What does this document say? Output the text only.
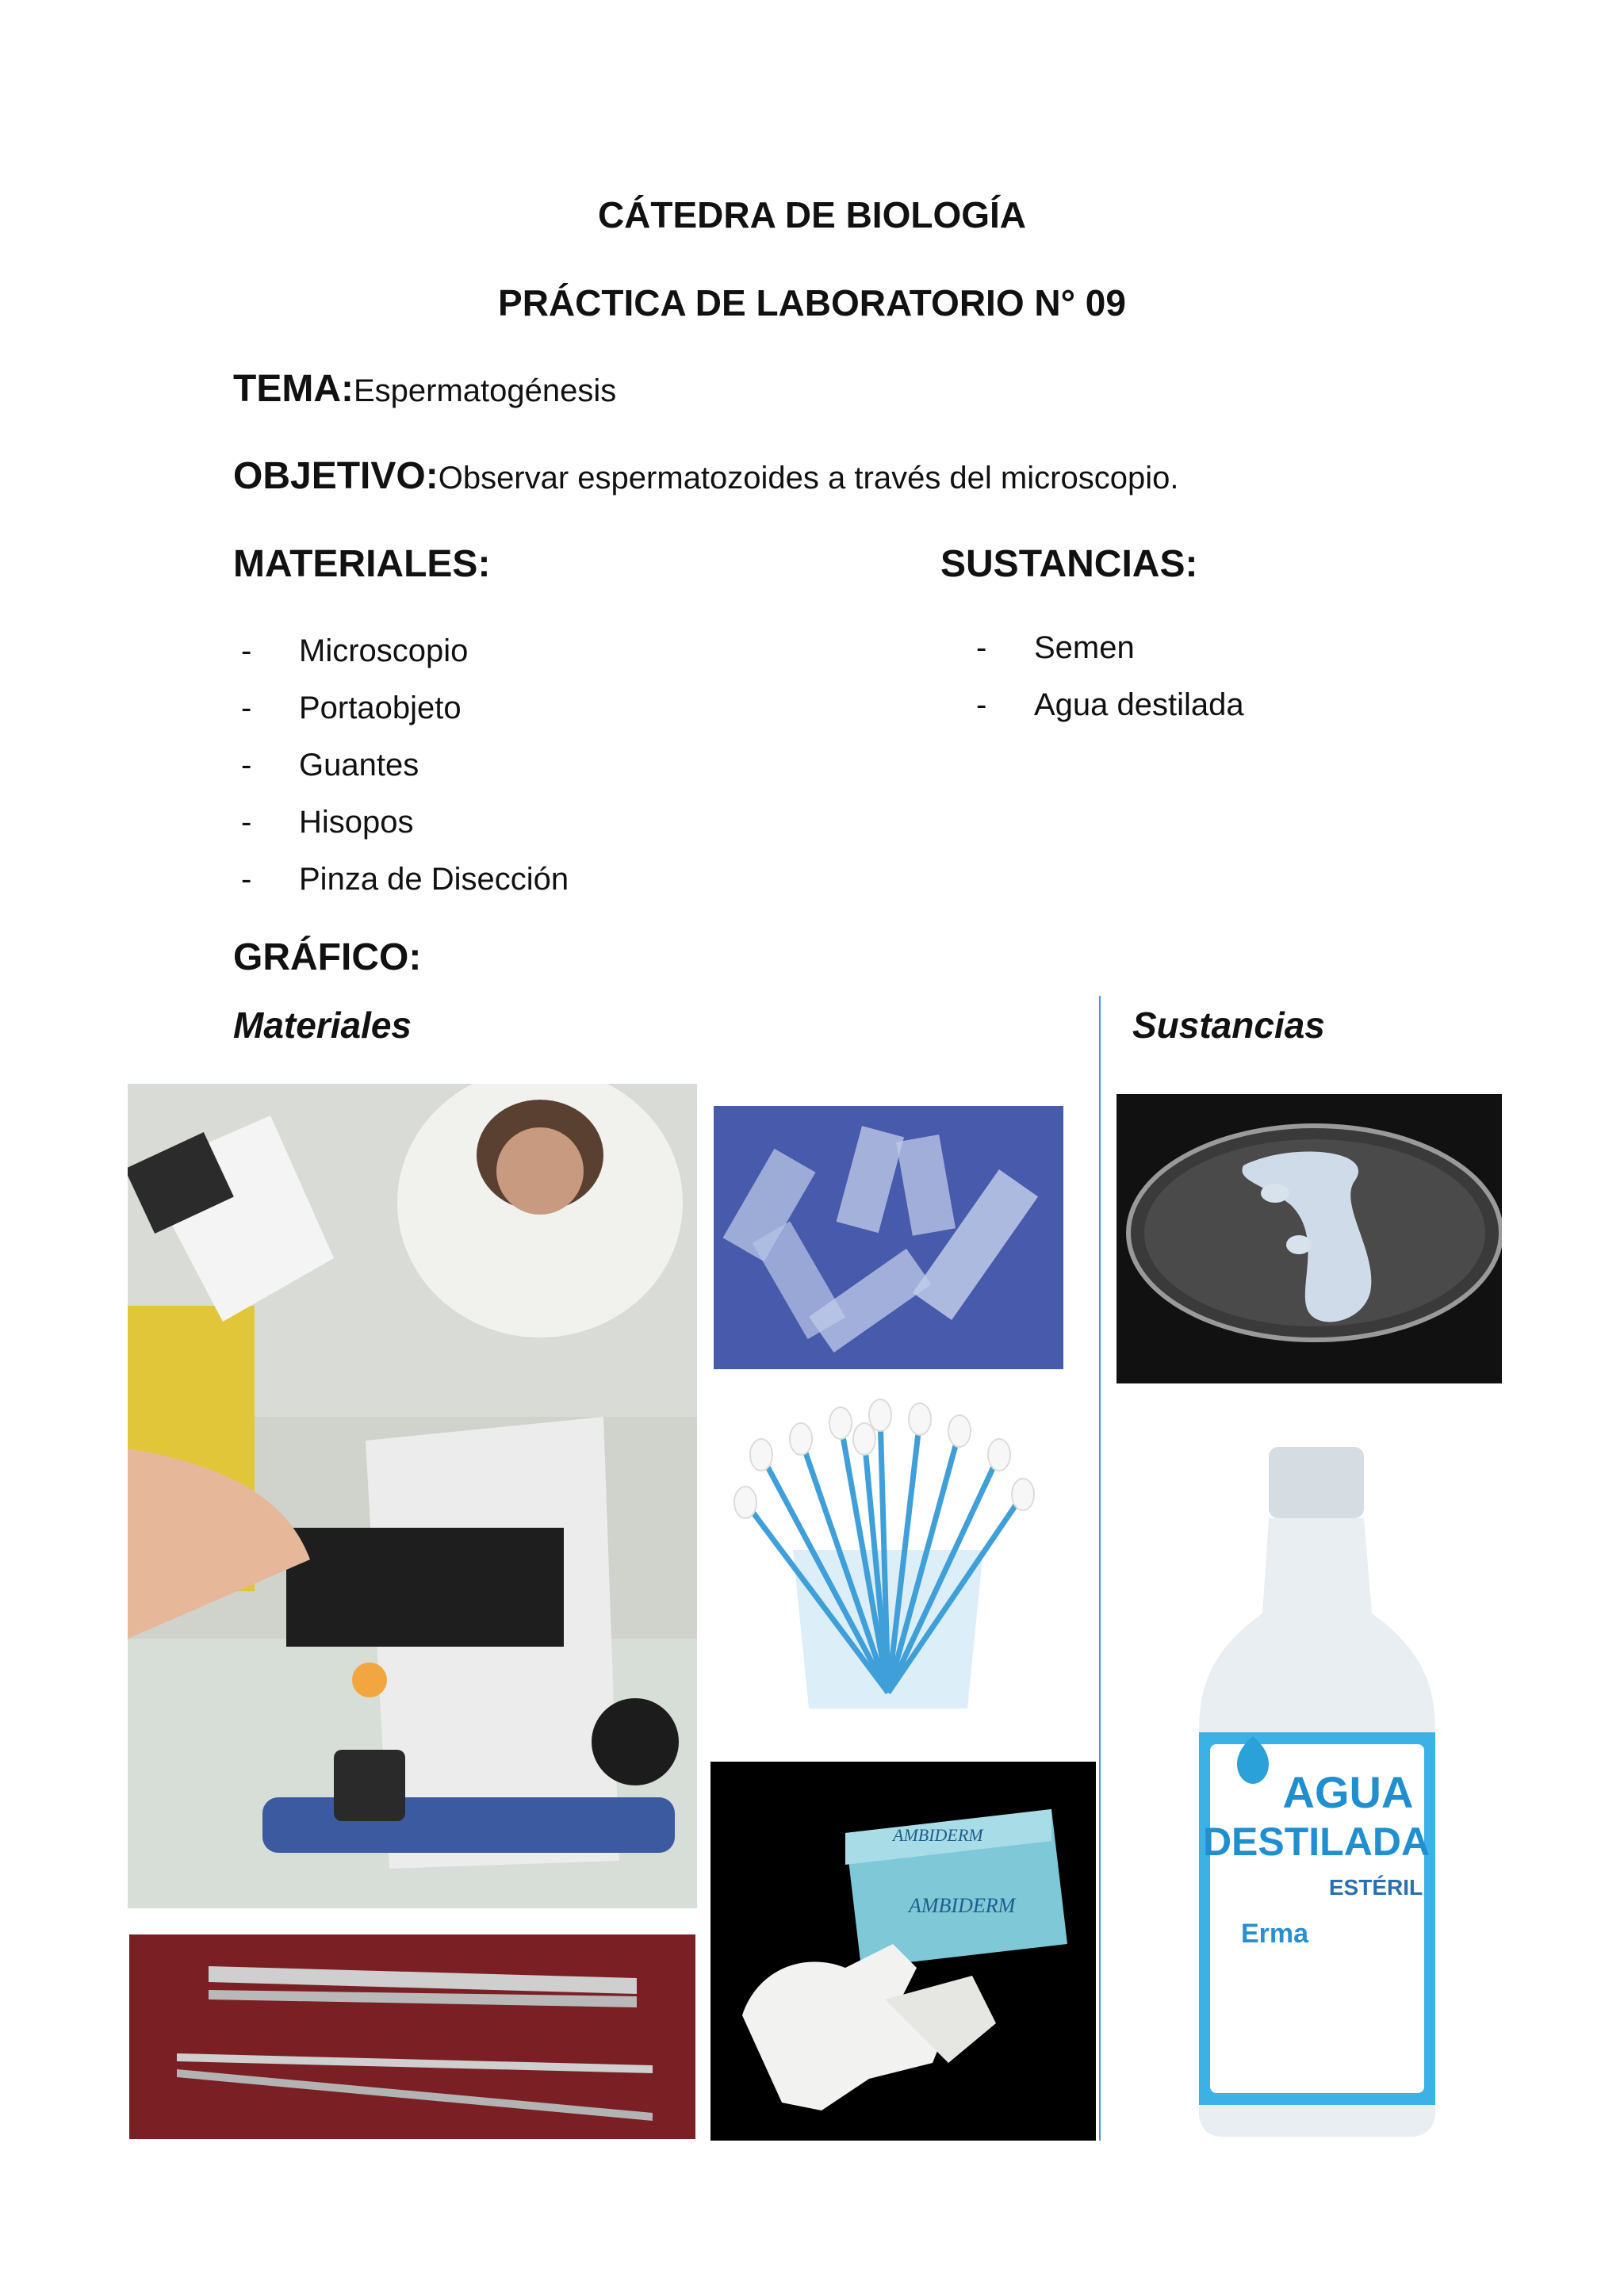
CÁTEDRA DE BIOLOGÍA
PRÁCTICA DE LABORATORIO N° 09
TEMA:Espermatogénesis
OBJETIVO:Observar espermatozoides a través del microscopio.
MATERIALES:
-	Microscopio
-	Portaobjeto
-	Guantes
-	Hisopos
-	Pinza de Disección
SUSTANCIAS:
-	Semen
-	Agua destilada
GRÁFICO:
Materiales	Sustancias
AMBIDERM
AMBIDERM
AGUA
DESTILADA
ESTÉRIL
Erma
500 mL
